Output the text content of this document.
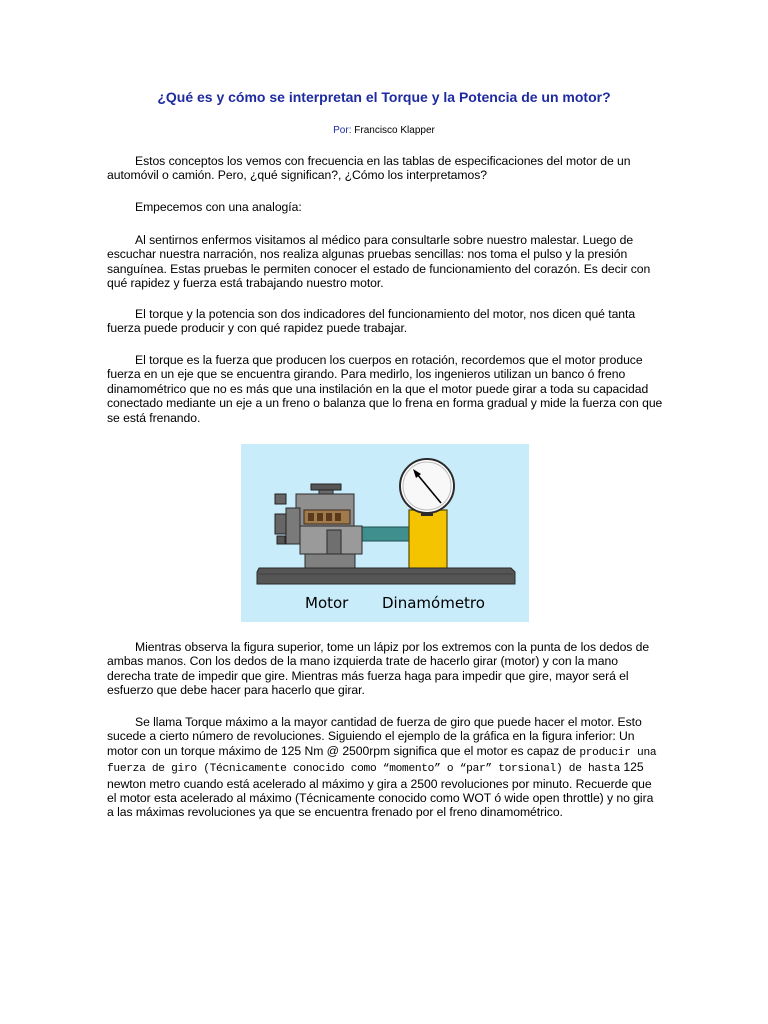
¿Qué es y cómo se interpretan el Torque y la Potencia de un motor?
Por: Francisco Klapper

Estos conceptos los vemos con frecuencia en las tablas de especificaciones del motor de un automóvil o camión. Pero, ¿qué significan?, ¿Cómo los interpretamos?

Empecemos con una analogía:

Al sentirnos enfermos visitamos al médico para consultarle sobre nuestro malestar. Luego de escuchar nuestra narración, nos realiza algunas pruebas sencillas: nos toma el pulso y la presión sanguínea. Estas pruebas le permiten conocer el estado de funcionamiento del corazón. Es decir con qué rapidez y fuerza está trabajando nuestro motor.

El torque y la potencia son dos indicadores del funcionamiento del motor, nos dicen qué tanta fuerza puede producir y con qué rapidez puede trabajar.

El torque es la fuerza que producen los cuerpos en rotación, recordemos que el motor produce fuerza en un eje que se encuentra girando. Para medirlo, los ingenieros utilizan un banco ó freno dinamométrico que no es más que una instilación en la que el motor puede girar a toda su capacidad conectado mediante un eje a un freno o balanza que lo frena en forma gradual y mide la fuerza con que se está frenando.

Motor Dinamómetro

Mientras observa la figura superior, tome un lápiz por los extremos con la punta de los dedos de ambas manos. Con los dedos de la mano izquierda trate de hacerlo girar (motor) y con la mano derecha trate de impedir que gire. Mientras más fuerza haga para impedir que gire, mayor será el esfuerzo que debe hacer para hacerlo que girar.

Se llama Torque máximo a la mayor cantidad de fuerza de giro que puede hacer el motor. Esto sucede a cierto número de revoluciones. Siguiendo el ejemplo de la gráfica en la figura inferior: Un motor con un torque máximo de 125 Nm @ 2500rpm significa que el motor es capaz de producir una fuerza de giro (Técnicamente conocido como “momento” o “par” torsional) de hasta 125 newton metro cuando está acelerado al máximo y gira a 2500 revoluciones por minuto. Recuerde que el motor esta acelerado al máximo (Técnicamente conocido como WOT ó wide open throttle) y no gira a las máximas revoluciones ya que se encuentra frenado por el freno dinamométrico.
